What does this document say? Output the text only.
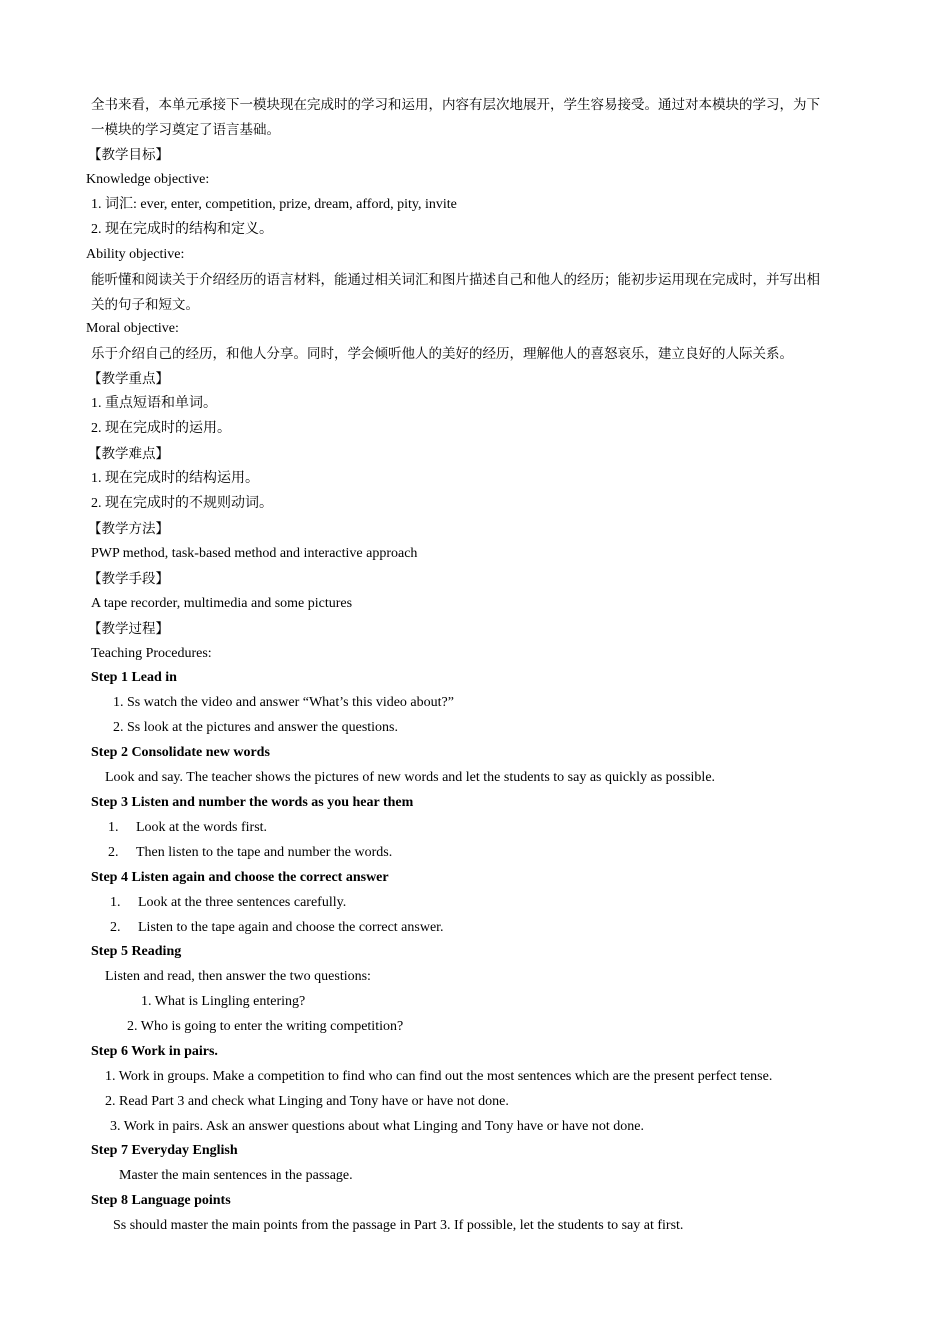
全书来看，本单元承接下一模块现在完成时的学习和运用，内容有层次地展开，学生容易接受。通过对本模块的学习，为下
一模块的学习奠定了语言基础。
【教学目标】
Knowledge objective:
1. 词汇: ever, enter, competition, prize, dream, afford, pity, invite
2. 现在完成时的结构和定义。
Ability objective:
能听懂和阅读关于介绍经历的语言材料，能通过相关词汇和图片描述自己和他人的经历；能初步运用现在完成时，并写出相
关的句子和短文。
Moral objective:
乐于介绍自己的经历，和他人分享。同时，学会倾听他人的美好的经历，理解他人的喜怒哀乐，建立良好的人际关系。
【教学重点】
1. 重点短语和单词。
2. 现在完成时的运用。
【教学难点】
1. 现在完成时的结构运用。
2. 现在完成时的不规则动词。
【教学方法】
PWP method, task-based method and interactive approach
【教学手段】
A tape recorder, multimedia and some pictures
【教学过程】
Teaching Procedures:
Step 1 Lead in
1. Ss watch the video and answer “What’s this video about?”
2. Ss look at the pictures and answer the questions.
Step 2 Consolidate new words
Look and say. The teacher shows the pictures of new words and let the students to say as quickly as possible.
Step 3 Listen and number the words as you hear them
1. Look at the words first.
2. Then listen to the tape and number the words.
Step 4 Listen again and choose the correct answer
1. Look at the three sentences carefully.
2. Listen to the tape again and choose the correct answer.
Step 5 Reading
Listen and read, then answer the two questions:
1. What is Lingling entering?
2. Who is going to enter the writing competition?
Step 6 Work in pairs.
1. Work in groups. Make a competition to find who can find out the most sentences which are the present perfect tense.
2. Read Part 3 and check what Linging and Tony have or have not done.
3. Work in pairs. Ask an answer questions about what Linging and Tony have or have not done.
Step 7 Everyday English
Master the main sentences in the passage.
Step 8 Language points
Ss should master the main points from the passage in Part 3. If possible, let the students to say at first.
